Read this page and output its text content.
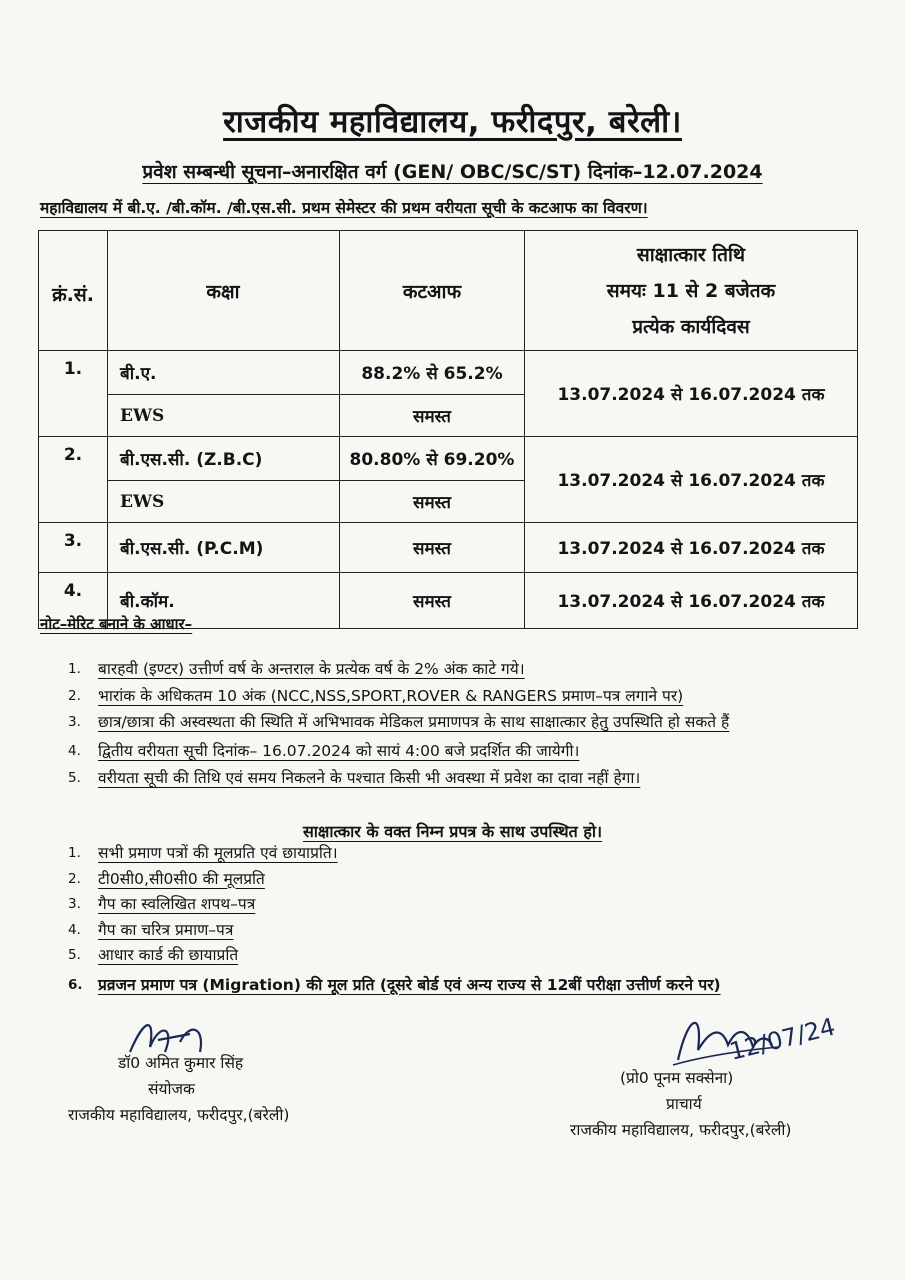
राजकीय महाविद्यालय, फरीदपुर, बरेली।
प्रवेश सम्बन्धी सूचना–अनारक्षित वर्ग (GEN/ OBC/SC/ST) दिनांक–12.07.2024
महाविद्यालय में बी.ए. /बी.कॉम. /बी.एस.सी. प्रथम सेमेस्टर की प्रथम वरीयता सूची के कटआफ का विवरण।
क्रं.सं.	कक्षा	कटआफ	साक्षात्कार तिथि
समयः 11 से 2 बजेतक
प्रत्येक कार्यदिवस

1.	बी.ए.	88.2% से 65.2%	13.07.2024 से 16.07.2024 तक
	EWS	समस्त	
2.	बी.एस.सी. (Z.B.C)	80.80% से 69.20%	13.07.2024 से 16.07.2024 तक
	EWS	समस्त	
3.	बी.एस.सी. (P.C.M)	समस्त	13.07.2024 से 16.07.2024 तक
4.	बी.कॉम.	समस्त	13.07.2024 से 16.07.2024 तक
नोट–मेरिट बनाने के आधार–
1. बारहवी (इण्टर) उत्तीर्ण वर्ष के अन्तराल के प्रत्येक वर्ष के 2% अंक काटे गये।
2. भारांक के अधिकतम 10 अंक (NCC,NSS,SPORT,ROVER & RANGERS प्रमाण–पत्र लगाने पर)
3. छात्र/छात्रा की अस्वस्थता की स्थिति में अभिभावक मेडिकल प्रमाणपत्र के साथ साक्षात्कार हेतु उपस्थिति हो सकते हैं
4. द्वितीय वरीयता सूची दिनांक– 16.07.2024 को सायं 4:00 बजे प्रदर्शित की जायेगी।
5. वरीयता सूची की तिथि एवं समय निकलने के पश्चात किसी भी अवस्था में प्रवेश का दावा नहीं हेगा।
साक्षात्कार के वक्त निम्न प्रपत्र के साथ उपस्थित हो।
1. सभी प्रमाण पत्रों की मूलप्रति एवं छायाप्रति।
2. टी0सी0,सी0सी0 की मूलप्रति
3. गैप का स्वलिखित शपथ–पत्र
4. गैप का चरित्र प्रमाण–पत्र
5. आधार कार्ड की छायाप्रति
6. प्रव्रजन प्रमाण पत्र (Migration) की मूल प्रति (दूसरे बोर्ड एवं अन्य राज्य से 12बीं परीक्षा उत्तीर्ण करने पर)
डॉ0 अमित कुमार सिंह
संयोजक
राजकीय महाविद्यालय, फरीदपुर,(बरेली)
12/07/24
(प्रो0 पूनम सक्सेना)
प्राचार्य
राजकीय महाविद्यालय, फरीदपुर,(बरेली)
